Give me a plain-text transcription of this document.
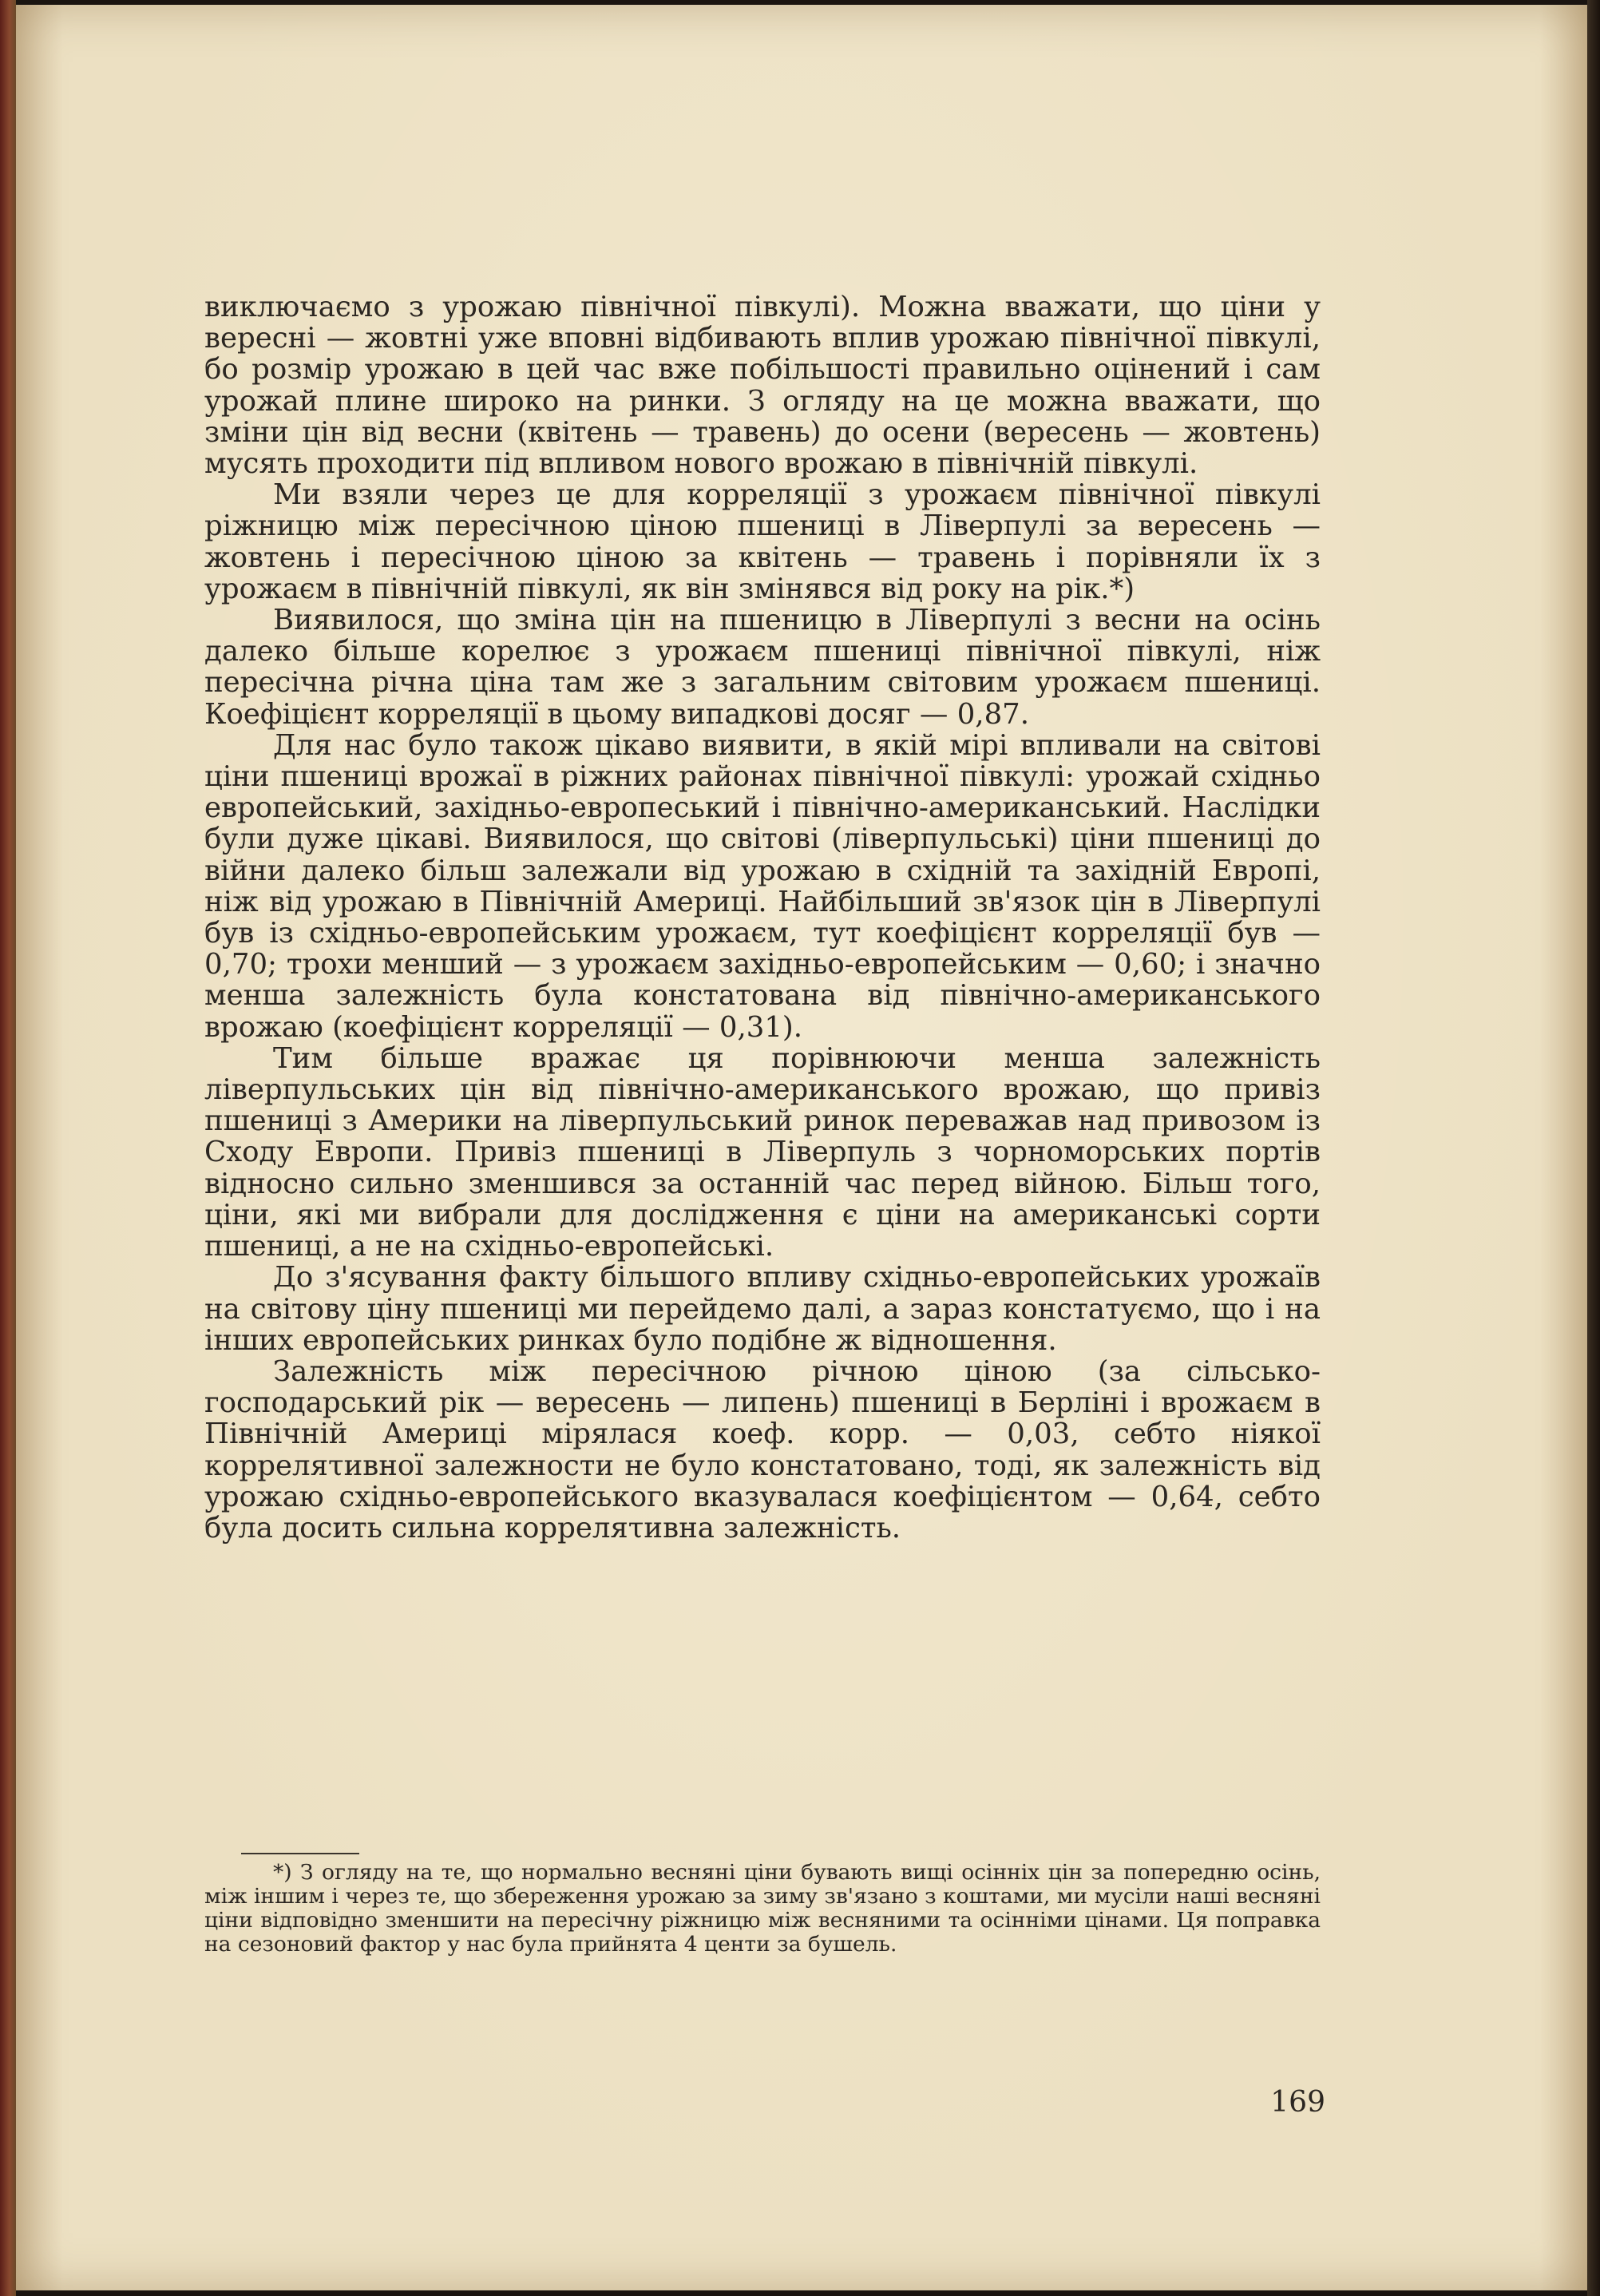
виключаємо з урожаю північної півкулі). Можна вважати, що ціни у вересні — жовтні уже вповні відбивають вплив урожаю північної півкулі, бо розмір урожаю в цей час вже побільшості правильно оцінений і сам урожай плине широко на ринки. З огляду на це можна вважати, що зміни цін від весни (квітень — травень) до осени (вересень — жовтень) мусять проходити під впливом нового врожаю в північній півкулі.

Ми взяли через це для корреляції з урожаєм північної півкулі ріжницю між пересічною ціною пшениці в Ліверпулі за вересень — жовтень і пересічною ціною за квітень — травень і порівняли їх з урожаєм в північній півкулі, як він змінявся від року на рік.*)

Виявилося, що зміна цін на пшеницю в Ліверпулі з весни на осінь далеко більше корелює з урожаєм пшениці північної півкулі, ніж пересічна річна ціна там же з загальним світовим урожаєм пшениці. Коефіцієнт корреляції в цьому випадкові досяг — 0,87.

Для нас було також цікаво виявити, в якій мірі впливали на світові ціни пшениці врожаї в ріжних районах північної півкулі: урожай східньо европейський, західньо-европеський і північно-американський. Наслідки були дуже цікаві. Виявилося, що світові (ліверпульські) ціни пшениці до війни далеко більш залежали від урожаю в східній та західній Европі, ніж від урожаю в Північній Америці. Найбільший зв'язок цін в Ліверпулі був із східньо-европейським урожаєм, тут коефіцієнт корреляції був — 0,70; трохи менший — з урожаєм західньо-европейським — 0,60; і значно менша залежність була констатована від північно-американського врожаю (коефіцієнт корреляції — 0,31).

Тим більше вражає ця порівнюючи менша залежність ліверпульських цін від північно-американського врожаю, що привіз пшениці з Америки на ліверпульський ринок переважав над привозом із Сходу Европи. Привіз пшениці в Ліверпуль з чорноморських портів відносно сильно зменшився за останній час перед війною. Більш того, ціни, які ми вибрали для дослідження є ціни на американські сорти пшениці, а не на східньо-европейські.

До з'ясування факту більшого впливу східньо-европейських урожаїв на світову ціну пшениці ми перейдемо далі, а зараз констатуємо, що і на інших европейських ринках було подібне ж відношення.

Залежність між пересічною річною ціною (за сільсько-господарський рік — вересень — липень) пшениці в Берліні і врожаєм в Північній Америці мірялася коеф. корр. — 0,03, себто ніякої корреляτивної залежности не було констатовано, тоді, як залежність від урожаю східньо-европейського вказувалася коефіцієнтом — 0,64, себто була досить сильна корреляτивна залежність.

*) З огляду на те, що нормально весняні ціни бувають вищі осінніх цін за попередню осінь, між іншим і через те, що збереження урожаю за зиму зв'язано з коштами, ми мусіли наші весняні ціни відповідно зменшити на пересічну ріжницю між весняними та осінніми цінами. Ця поправка на сезоновий фактор у нас була прийнята 4 центи за бушель.

169
